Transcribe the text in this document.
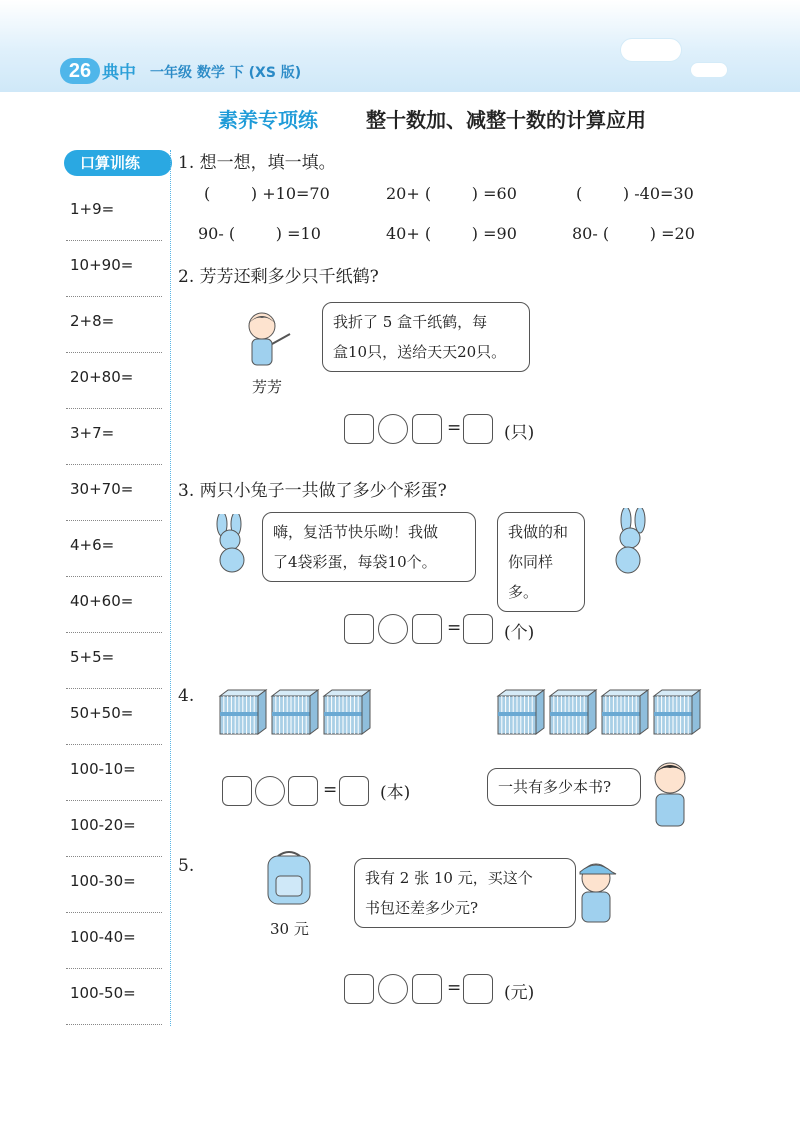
26 典中 一年级 数学 下 (XS 版)
素养专项练 整十数加、减整十数的计算应用
口算训练
1+9=
10+90=
2+8=
20+80=
3+7=
30+70=
4+6=
40+60=
5+5=
50+50=
100-10=
100-20=
100-30=
100-40=
100-50=
1. 想一想，填一填。
(        ) +10=70	20+ (        ) =60	(        ) -40=30
90- (        ) =10	40+ (        ) =90	80- (        ) =20
2. 芳芳还剩多少只千纸鹤?
芳芳
我折了 5 盒千纸鹤，每
盒10只，送给天天20只。
=	(只)
3. 两只小兔子一共做了多少个彩蛋?
嗨，复活节快乐呦！我做
了4袋彩蛋，每袋10个。
我做的和
你同样多。
=	(个)
4.
=	(本)	一共有多少本书?
5.
30 元
我有 2 张 10 元，买这个
书包还差多少元?
=	(元)
